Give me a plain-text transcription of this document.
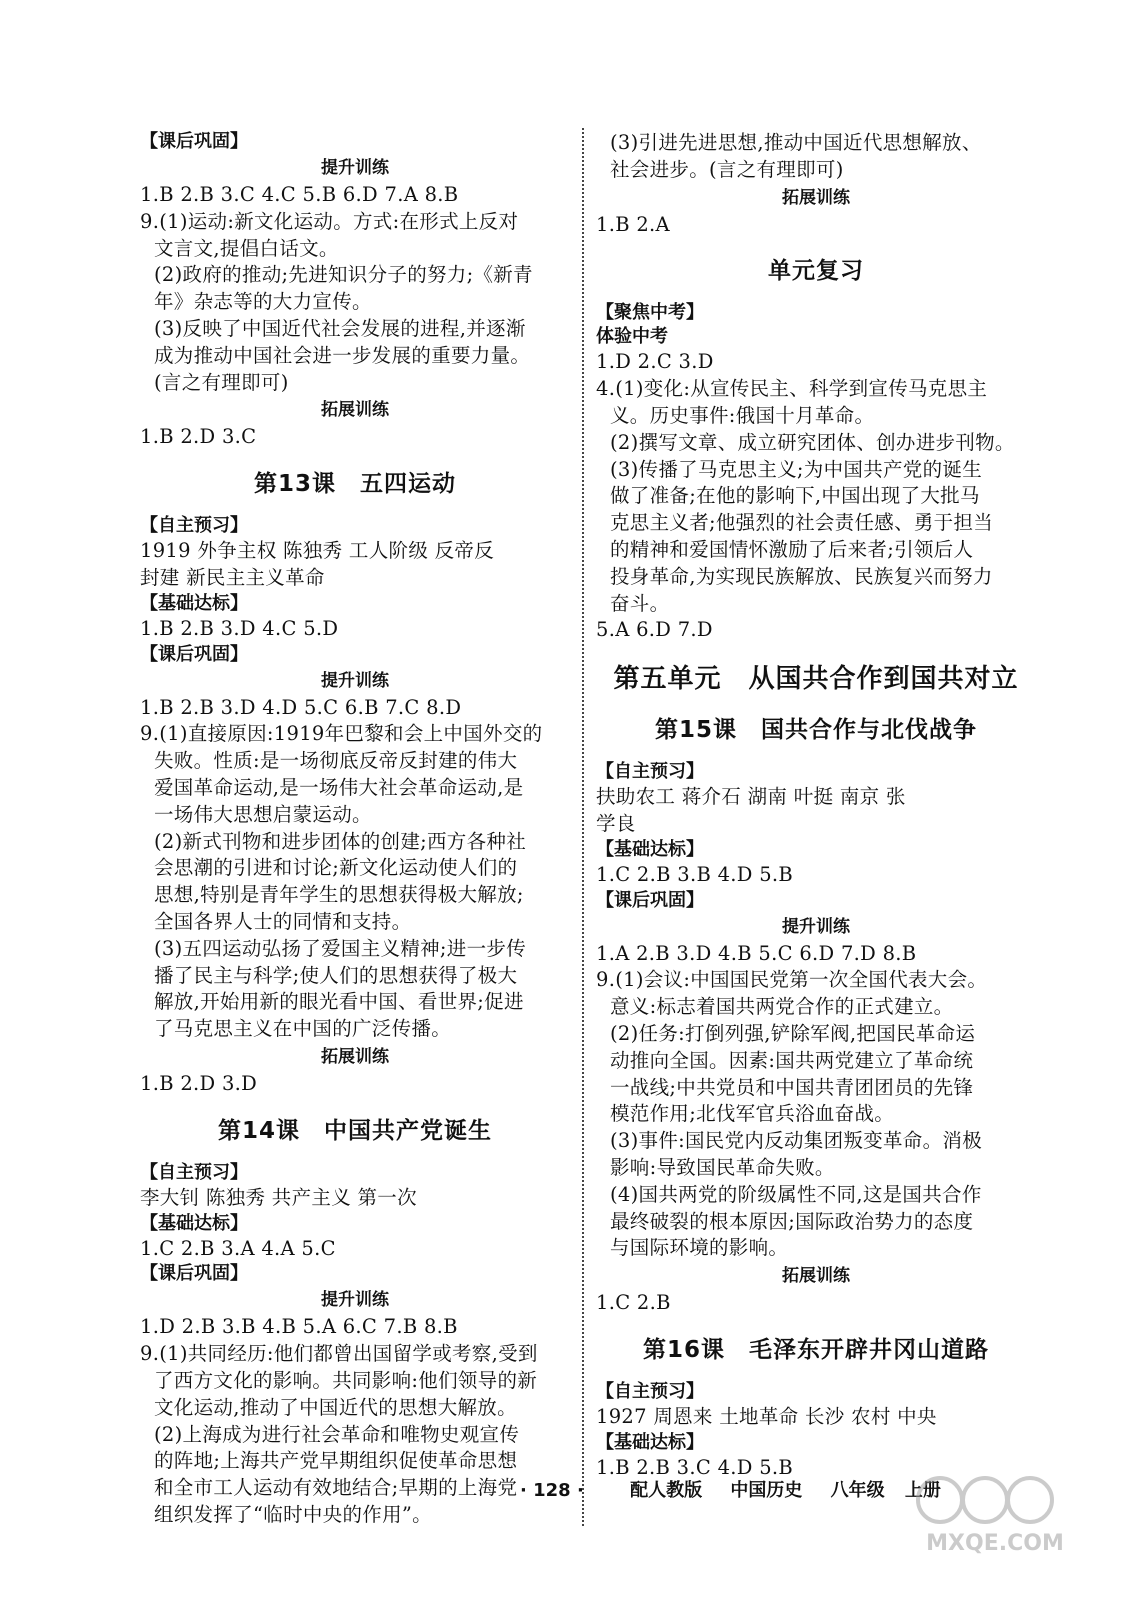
【课后巩固】
提升训练
1.B 2.B 3.C 4.C 5.B 6.D 7.A 8.B
9.(1)运动:新文化运动。方式:在形式上反对
文言文,提倡白话文。
(2)政府的推动;先进知识分子的努力;《新青
年》杂志等的大力宣传。
(3)反映了中国近代社会发展的进程,并逐渐
成为推动中国社会进一步发展的重要力量。
(言之有理即可)
拓展训练
1.B 2.D 3.C
第13课　五四运动
【自主预习】
1919 外争主权 陈独秀 工人阶级 反帝反
封建 新民主主义革命
【基础达标】
1.B 2.B 3.D 4.C 5.D
【课后巩固】
提升训练
1.B 2.B 3.D 4.D 5.C 6.B 7.C 8.D
9.(1)直接原因:1919年巴黎和会上中国外交的
失败。性质:是一场彻底反帝反封建的伟大
爱国革命运动,是一场伟大社会革命运动,是
一场伟大思想启蒙运动。
(2)新式刊物和进步团体的创建;西方各种社
会思潮的引进和讨论;新文化运动使人们的
思想,特别是青年学生的思想获得极大解放;
全国各界人士的同情和支持。
(3)五四运动弘扬了爱国主义精神;进一步传
播了民主与科学;使人们的思想获得了极大
解放,开始用新的眼光看中国、看世界;促进
了马克思主义在中国的广泛传播。
拓展训练
1.B 2.D 3.D
第14课　中国共产党诞生
【自主预习】
李大钊 陈独秀 共产主义 第一次
【基础达标】
1.C 2.B 3.A 4.A 5.C
【课后巩固】
提升训练
1.D 2.B 3.B 4.B 5.A 6.C 7.B 8.B
9.(1)共同经历:他们都曾出国留学或考察,受到
了西方文化的影响。共同影响:他们领导的新
文化运动,推动了中国近代的思想大解放。
(2)上海成为进行社会革命和唯物史观宣传
的阵地;上海共产党早期组织促使革命思想
和全市工人运动有效地结合;早期的上海党
组织发挥了“临时中央的作用”。
(3)引进先进思想,推动中国近代思想解放、
社会进步。(言之有理即可)
拓展训练
1.B 2.A
单元复习
【聚焦中考】
体验中考
1.D 2.C 3.D
4.(1)变化:从宣传民主、科学到宣传马克思主
义。历史事件:俄国十月革命。
(2)撰写文章、成立研究团体、创办进步刊物。
(3)传播了马克思主义;为中国共产党的诞生
做了准备;在他的影响下,中国出现了大批马
克思主义者;他强烈的社会责任感、勇于担当
的精神和爱国情怀激励了后来者;引领后人
投身革命,为实现民族解放、民族复兴而努力
奋斗。
5.A 6.D 7.D
第五单元　从国共合作到国共对立
第15课　国共合作与北伐战争
【自主预习】
扶助农工 蒋介石 湖南 叶挺 南京 张
学良
【基础达标】
1.C 2.B 3.B 4.D 5.B
【课后巩固】
提升训练
1.A 2.B 3.D 4.B 5.C 6.D 7.D 8.B
9.(1)会议:中国国民党第一次全国代表大会。
意义:标志着国共两党合作的正式建立。
(2)任务:打倒列强,铲除军阀,把国民革命运
动推向全国。因素:国共两党建立了革命统
一战线;中共党员和中国共青团团员的先锋
模范作用;北伐军官兵浴血奋战。
(3)事件:国民党内反动集团叛变革命。消极
影响:导致国民革命失败。
(4)国共两党的阶级属性不同,这是国共合作
最终破裂的根本原因;国际政治势力的态度
与国际环境的影响。
拓展训练
1.C 2.B
第16课　毛泽东开辟井冈山道路
【自主预习】
1927 周恩来 土地革命 长沙 农村 中央
【基础达标】
1.B 2.B 3.C 4.D 5.B
· 128 ·	配人教版 中国历史 八年级 上册
MXQE.COM
